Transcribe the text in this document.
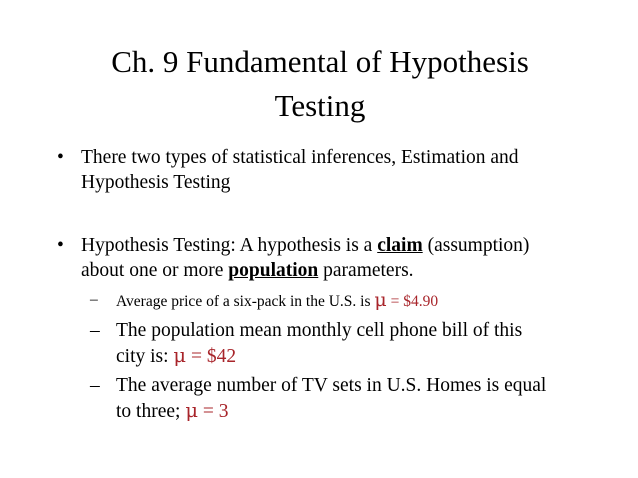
Ch. 9 Fundamental of Hypothesis
Testing
• There two types of statistical inferences, Estimation and
Hypothesis Testing
• Hypothesis Testing: A hypothesis is a claim (assumption)
about one or more population parameters.
– Average price of a six-pack in the U.S. is μ = $4.90
– The population mean monthly cell phone bill of this
city is: μ = $42
– The average number of TV sets in U.S. Homes is equal
to three; μ = 3
